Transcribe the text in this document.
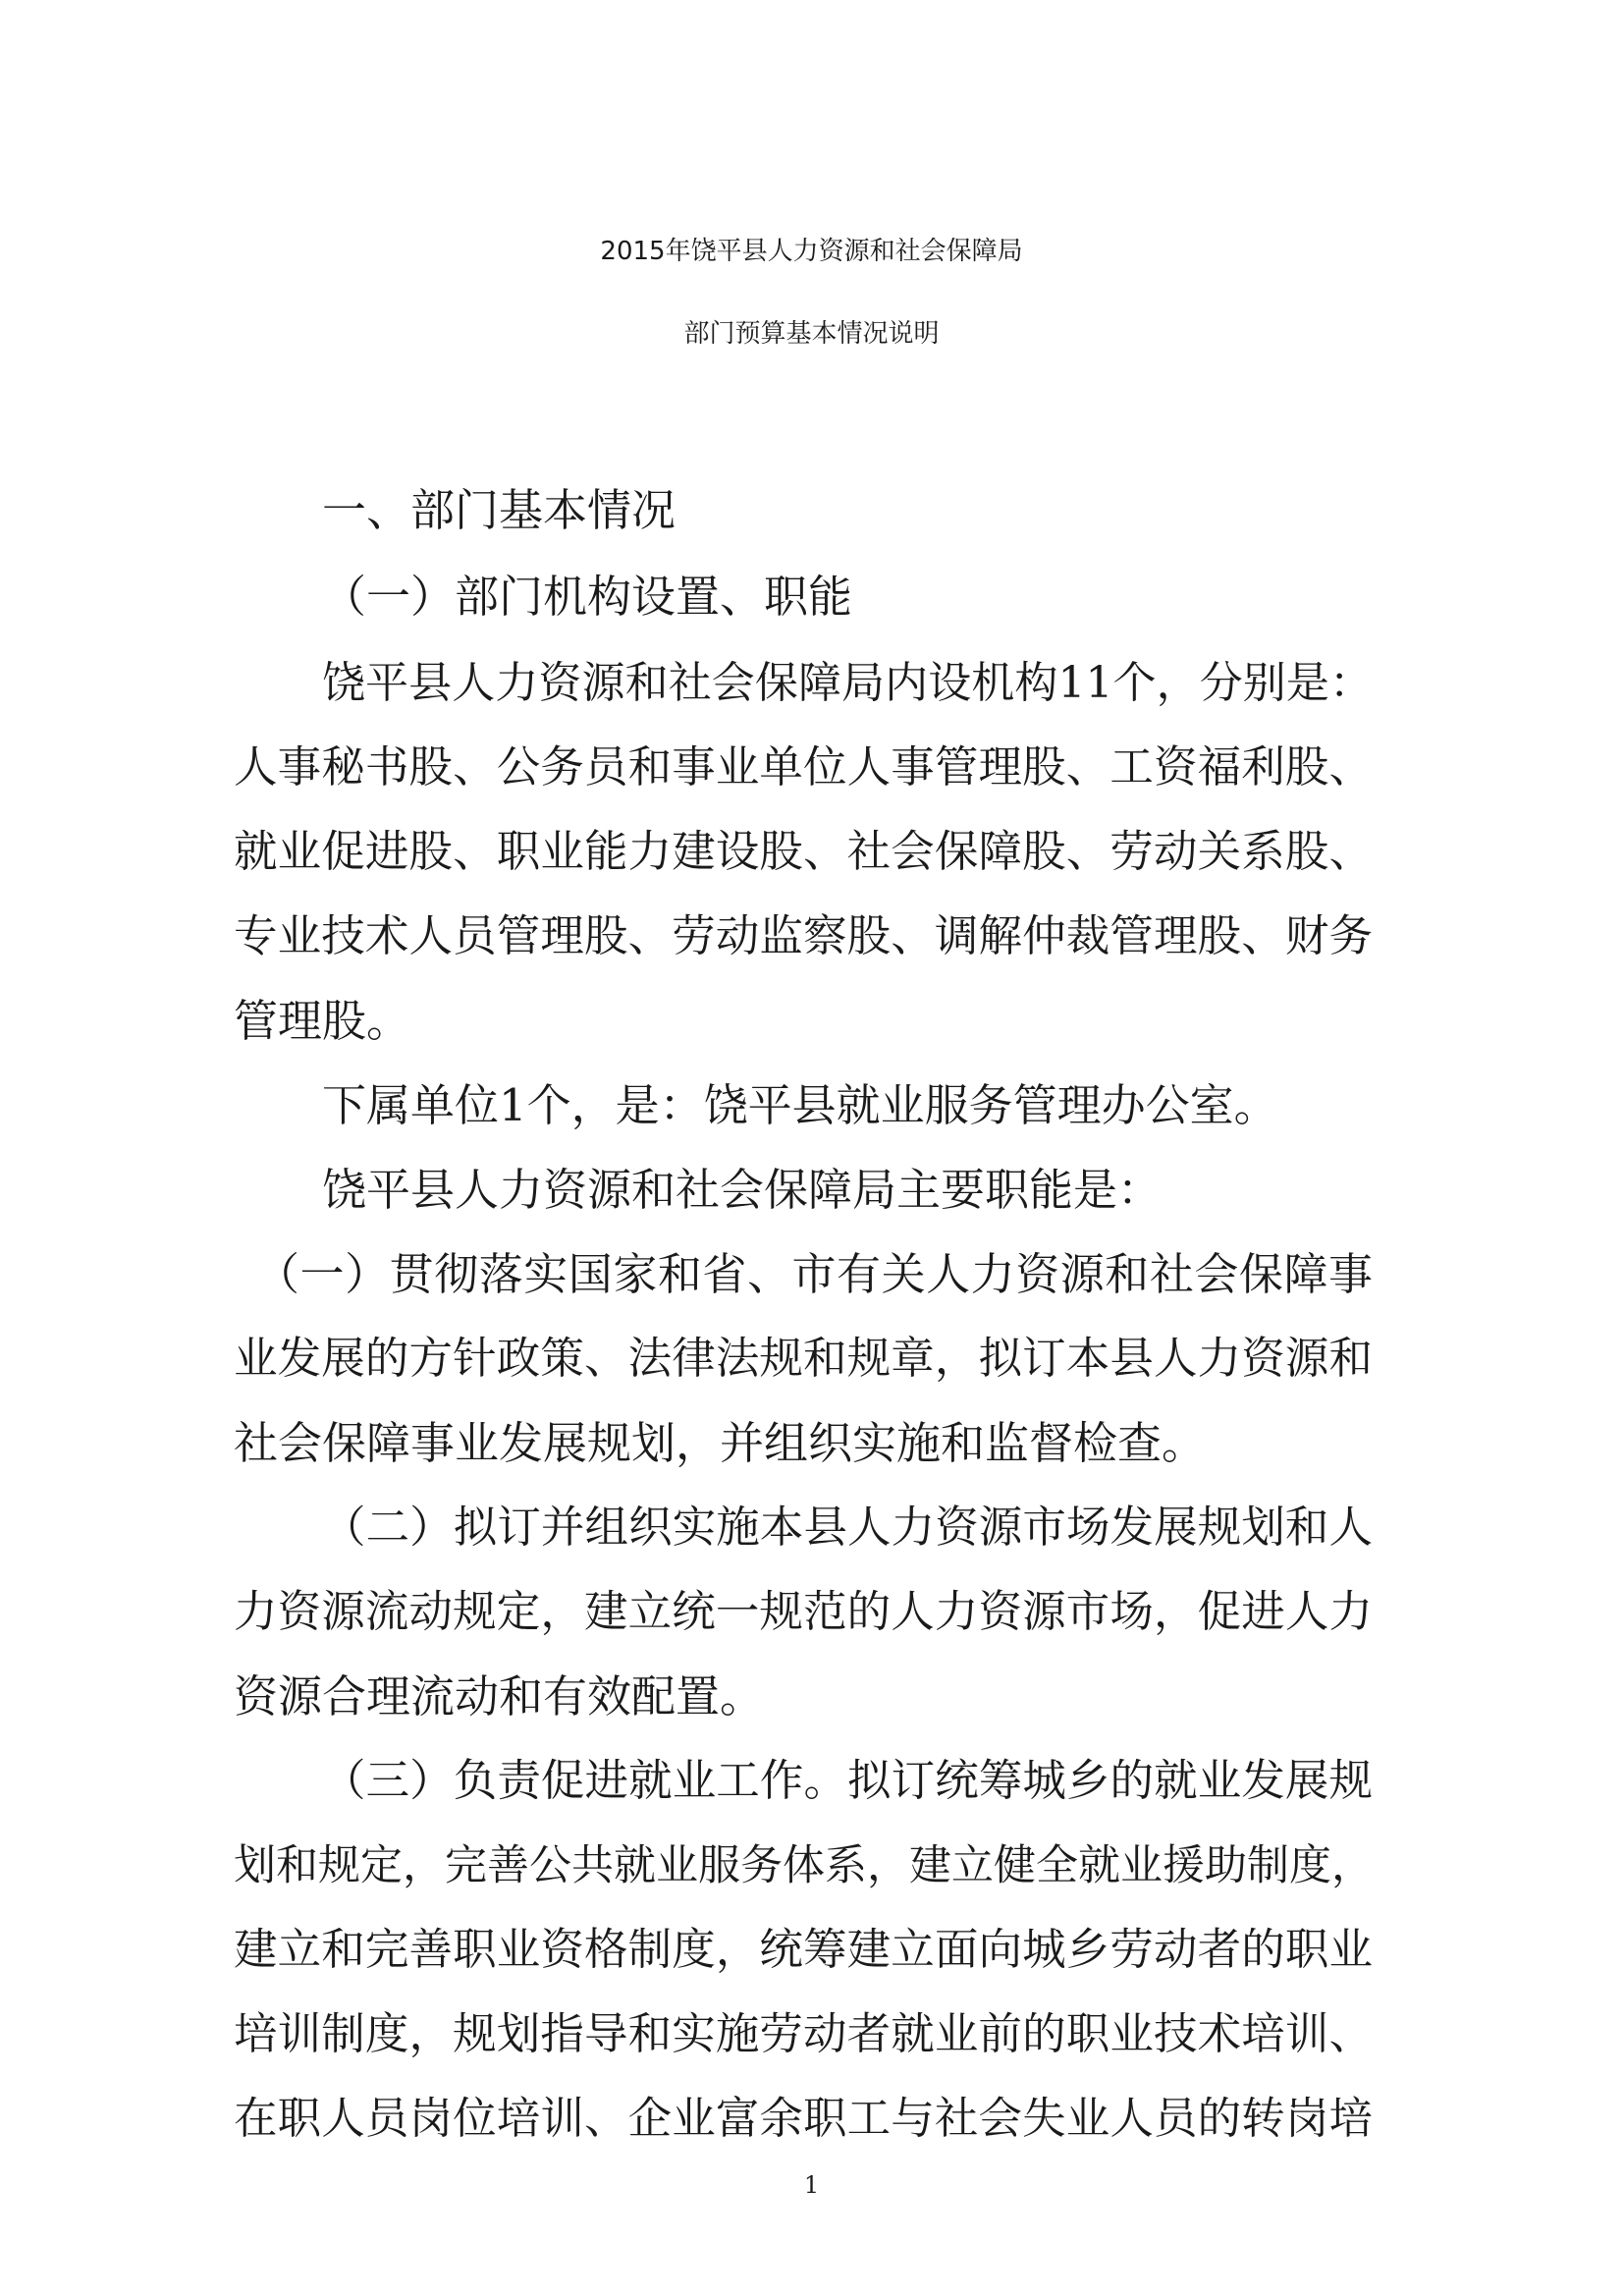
2015年饶平县人力资源和社会保障局
部门预算基本情况说明
一、部门基本情况
（一）部门机构设置、职能
饶平县人力资源和社会保障局内设机构11个，分别是：
人事秘书股、公务员和事业单位人事管理股、工资福利股、
就业促进股、职业能力建设股、社会保障股、劳动关系股、
专业技术人员管理股、劳动监察股、调解仲裁管理股、财务
管理股。
下属单位1个，是：饶平县就业服务管理办公室。
饶平县人力资源和社会保障局主要职能是：
（一）贯彻落实国家和省、市有关人力资源和社会保障事
业发展的方针政策、法律法规和规章，拟订本县人力资源和
社会保障事业发展规划，并组织实施和监督检查。
（二）拟订并组织实施本县人力资源市场发展规划和人
力资源流动规定，建立统一规范的人力资源市场，促进人力
资源合理流动和有效配置。
（三）负责促进就业工作。拟订统筹城乡的就业发展规
划和规定，完善公共就业服务体系，建立健全就业援助制度，
建立和完善职业资格制度，统筹建立面向城乡劳动者的职业
培训制度，规划指导和实施劳动者就业前的职业技术培训、
在职人员岗位培训、企业富余职工与社会失业人员的转岗培
1
